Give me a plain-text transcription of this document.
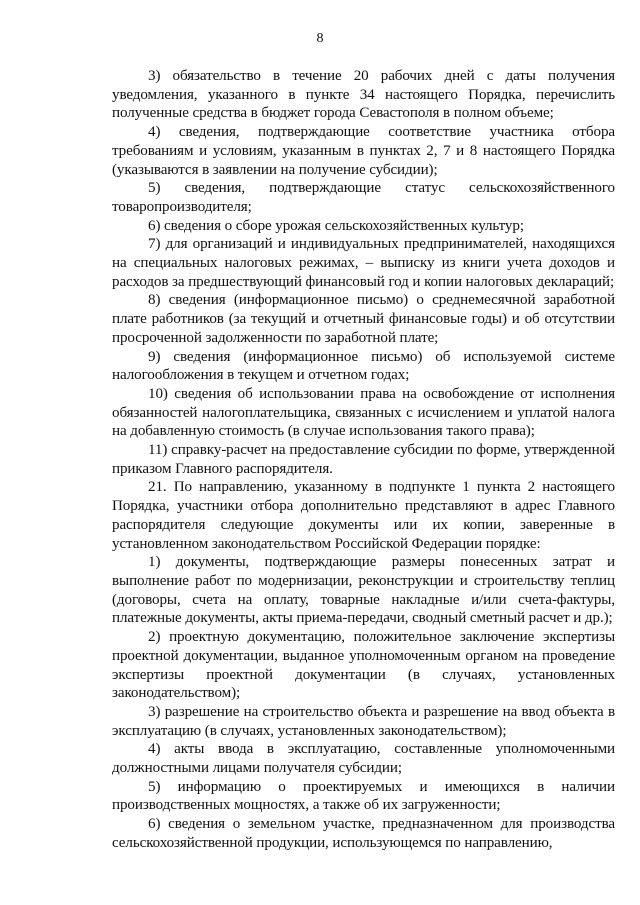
8

3) обязательство в течение 20 рабочих дней с даты получения уведомления, указанного в пункте 34 настоящего Порядка, перечислить полученные средства в бюджет города Севастополя в полном объеме;

4) сведения, подтверждающие соответствие участника отбора требованиям и условиям, указанным в пунктах 2, 7 и 8 настоящего Порядка (указываются в заявлении на получение субсидии);

5) сведения, подтверждающие статус сельскохозяйственного товаропроизводителя;

6) сведения о сборе урожая сельскохозяйственных культур;

7) для организаций и индивидуальных предпринимателей, находящихся на специальных налоговых режимах, – выписку из книги учета доходов и расходов за предшествующий финансовый год и копии налоговых деклараций;

8) сведения (информационное письмо) о среднемесячной заработной плате работников (за текущий и отчетный финансовые годы) и об отсутствии просроченной задолженности по заработной плате;

9) сведения (информационное письмо) об используемой системе налогообложения в текущем и отчетном годах;

10) сведения об использовании права на освобождение от исполнения обязанностей налогоплательщика, связанных с исчислением и уплатой налога на добавленную стоимость (в случае использования такого права);

11) справку-расчет на предоставление субсидии по форме, утвержденной приказом Главного распорядителя.

21. По направлению, указанному в подпункте 1 пункта 2 настоящего Порядка, участники отбора дополнительно представляют в адрес Главного распорядителя следующие документы или их копии, заверенные в установленном законодательством Российской Федерации порядке:

1) документы, подтверждающие размеры понесенных затрат и выполнение работ по модернизации, реконструкции и строительству теплиц (договоры, счета на оплату, товарные накладные и/или счета-фактуры, платежные документы, акты приема-передачи, сводный сметный расчет и др.);

2) проектную документацию, положительное заключение экспертизы проектной документации, выданное уполномоченным органом на проведение экспертизы проектной документации (в случаях, установленных законодательством);

3) разрешение на строительство объекта и разрешение на ввод объекта в эксплуатацию (в случаях, установленных законодательством);

4) акты ввода в эксплуатацию, составленные уполномоченными должностными лицами получателя субсидии;

5) информацию о проектируемых и имеющихся в наличии производственных мощностях, а также об их загруженности;

6) сведения о земельном участке, предназначенном для производства сельскохозяйственной продукции, использующемся по направлению,
